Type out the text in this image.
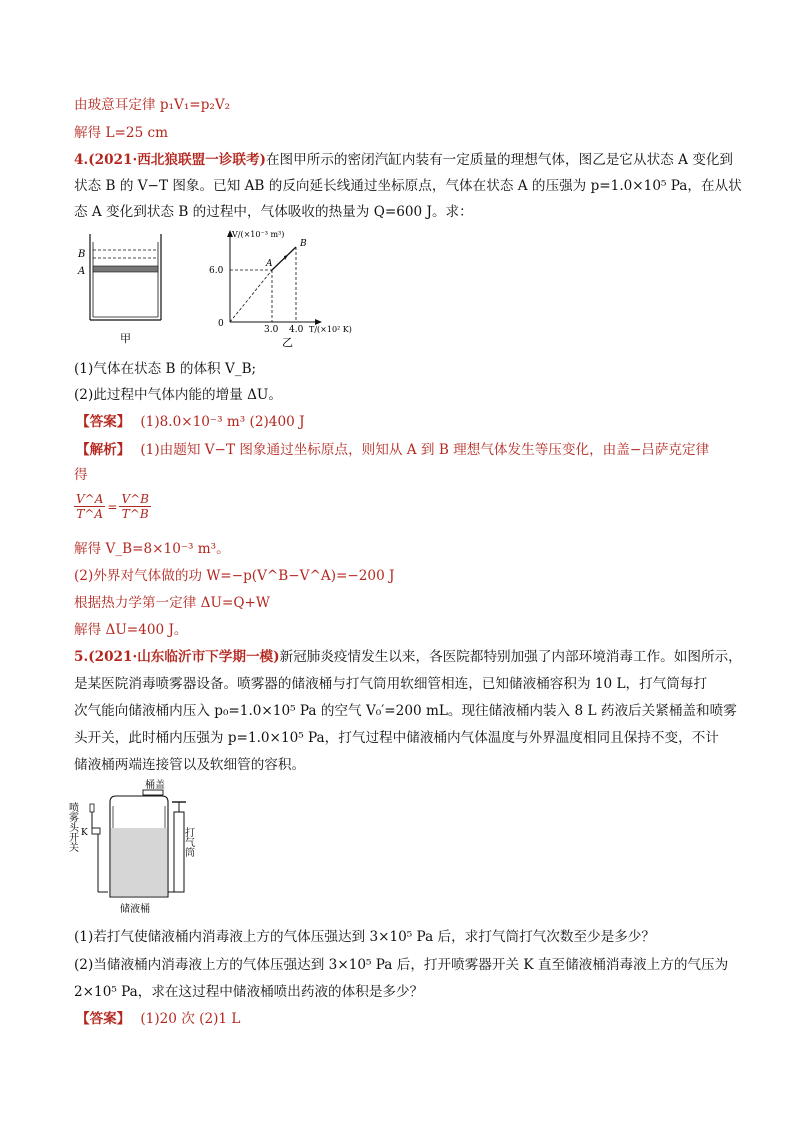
由玻意耳定律 p₁V₁=p₂V₂
解得 L=25 cm
4.(2021·西北狼联盟一诊联考)在图甲所示的密闭汽缸内装有一定质量的理想气体，图乙是它从状态 A 变化到
状态 B 的 V−T 图象。已知 AB 的反向延长线通过坐标原点，气体在状态 A 的压强为 p=1.0×10⁵ Pa，在从状
态 A 变化到状态 B 的过程中，气体吸收的热量为 Q=600 J。求：
B
A
甲
V/(×10⁻³ m³)
B
A
6.0
0
3.0 4.0 T/(×10² K)
乙
(1)气体在状态 B 的体积 V_B;
(2)此过程中气体内能的增量 ΔU。
【答案】 (1)8.0×10⁻³ m³ (2)400 J
【解析】 (1)由题知 V−T 图象通过坐标原点，则知从 A 到 B 理想气体发生等压变化，由盖−吕萨克定律
得
$\frac{V\^{}A}{T\^{}A} = \frac{V\^{}B}{T\^{}B}$
解得 V_B=8×10⁻³ m³。
(2)外界对气体做的功 W=−p(V^B−V^A)=−200 J
根据热力学第一定律 ΔU=Q+W
解得 ΔU=400 J。
5.(2021·山东临沂市下学期一模)新冠肺炎疫情发生以来，各医院都特别加强了内部环境消毒工作。如图所示，
是某医院消毒喷雾器设备。喷雾器的储液桶与打气筒用软细管相连，已知储液桶容积为 10 L，打气筒每打
次气能向储液桶内压入 p₀=1.0×10⁵ Pa 的空气 V₀′=200 mL。现往储液桶内装入 8 L 药液后关紧桶盖和喷雾
头开关，此时桶内压强为 p=1.0×10⁵ Pa，打气过程中储液桶内气体温度与外界温度相同且保持不变，不计
储液桶两端连接管以及软细管的容积。
桶盖
打气筒
喷雾头开关 K
储液桶
(1)若打气使储液桶内消毒液上方的气体压强达到 3×10⁵ Pa 后，求打气筒打气次数至少是多少？
(2)当储液桶内消毒液上方的气体压强达到 3×10⁵ Pa 后，打开喷雾器开关 K 直至储液桶消毒液上方的气压为
2×10⁵ Pa，求在这过程中储液桶喷出药液的体积是多少？
【答案】 (1)20 次 (2)1 L
